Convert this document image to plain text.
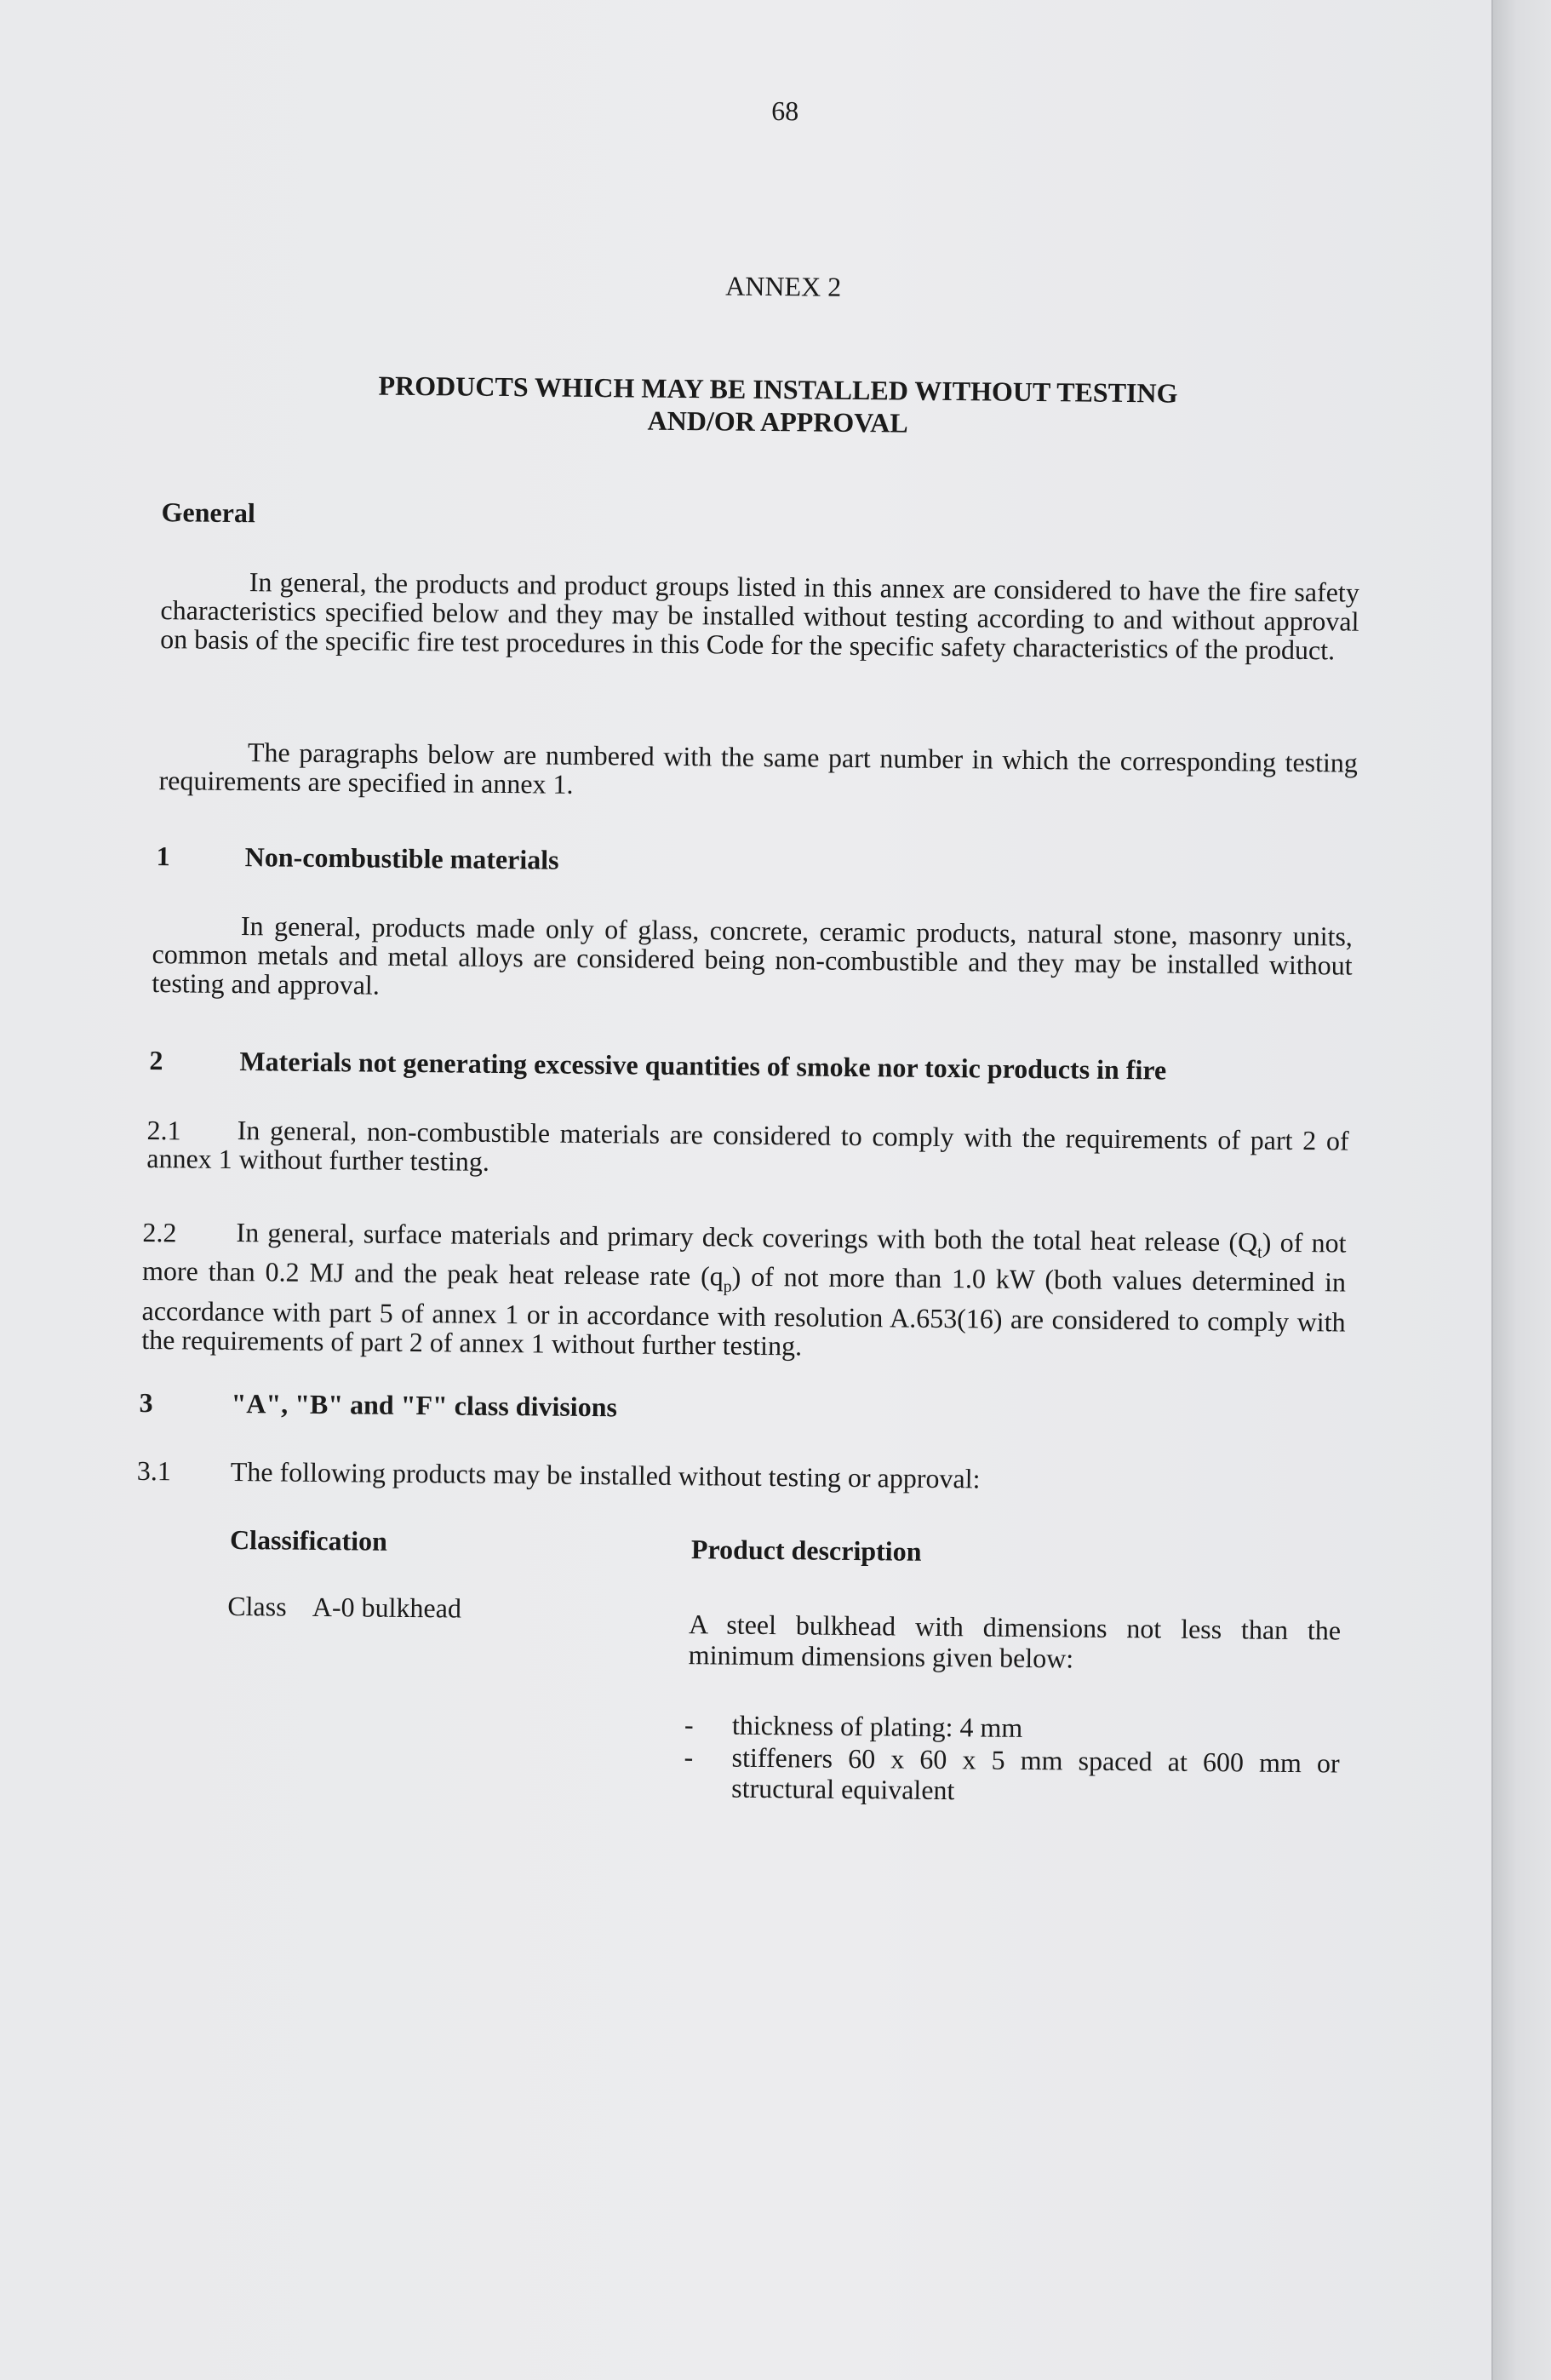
68
ANNEX 2
PRODUCTS WHICH MAY BE INSTALLED WITHOUT TESTING
AND/OR APPROVAL
General
In general, the products and product groups listed in this annex are considered to have the fire safety characteristics specified below and they may be installed without testing according to and without approval on basis of the specific fire test procedures in this Code for the specific safety characteristics of the product.
The paragraphs below are numbered with the same part number in which the corresponding testing requirements are specified in annex 1.
1	Non-combustible materials
In general, products made only of glass, concrete, ceramic products, natural stone, masonry units, common metals and metal alloys are considered being non-combustible and they may be installed without testing and approval.
2	Materials not generating excessive quantities of smoke nor toxic products in fire
2.1	In general, non-combustible materials are considered to comply with the requirements of part 2 of annex 1 without further testing.
2.2	In general, surface materials and primary deck coverings with both the total heat release $(Q_t)$ of not more than 0.2 MJ and the peak heat release rate $(q_p)$ of not more than 1.0 kW (both values determined in accordance with part 5 of annex 1 or in accordance with resolution A.653(16) are considered to comply with the requirements of part 2 of annex 1 without further testing.
3	"A", "B" and "F" class divisions
3.1 The following products may be installed without testing or approval:
Classification	Product description
Class    A-0 bulkhead
A steel bulkhead with dimensions not less than the minimum dimensions given below:
- thickness of plating: 4 mm
- stiffeners 60 x 60 x 5 mm spaced at 600 mm or structural equivalent
